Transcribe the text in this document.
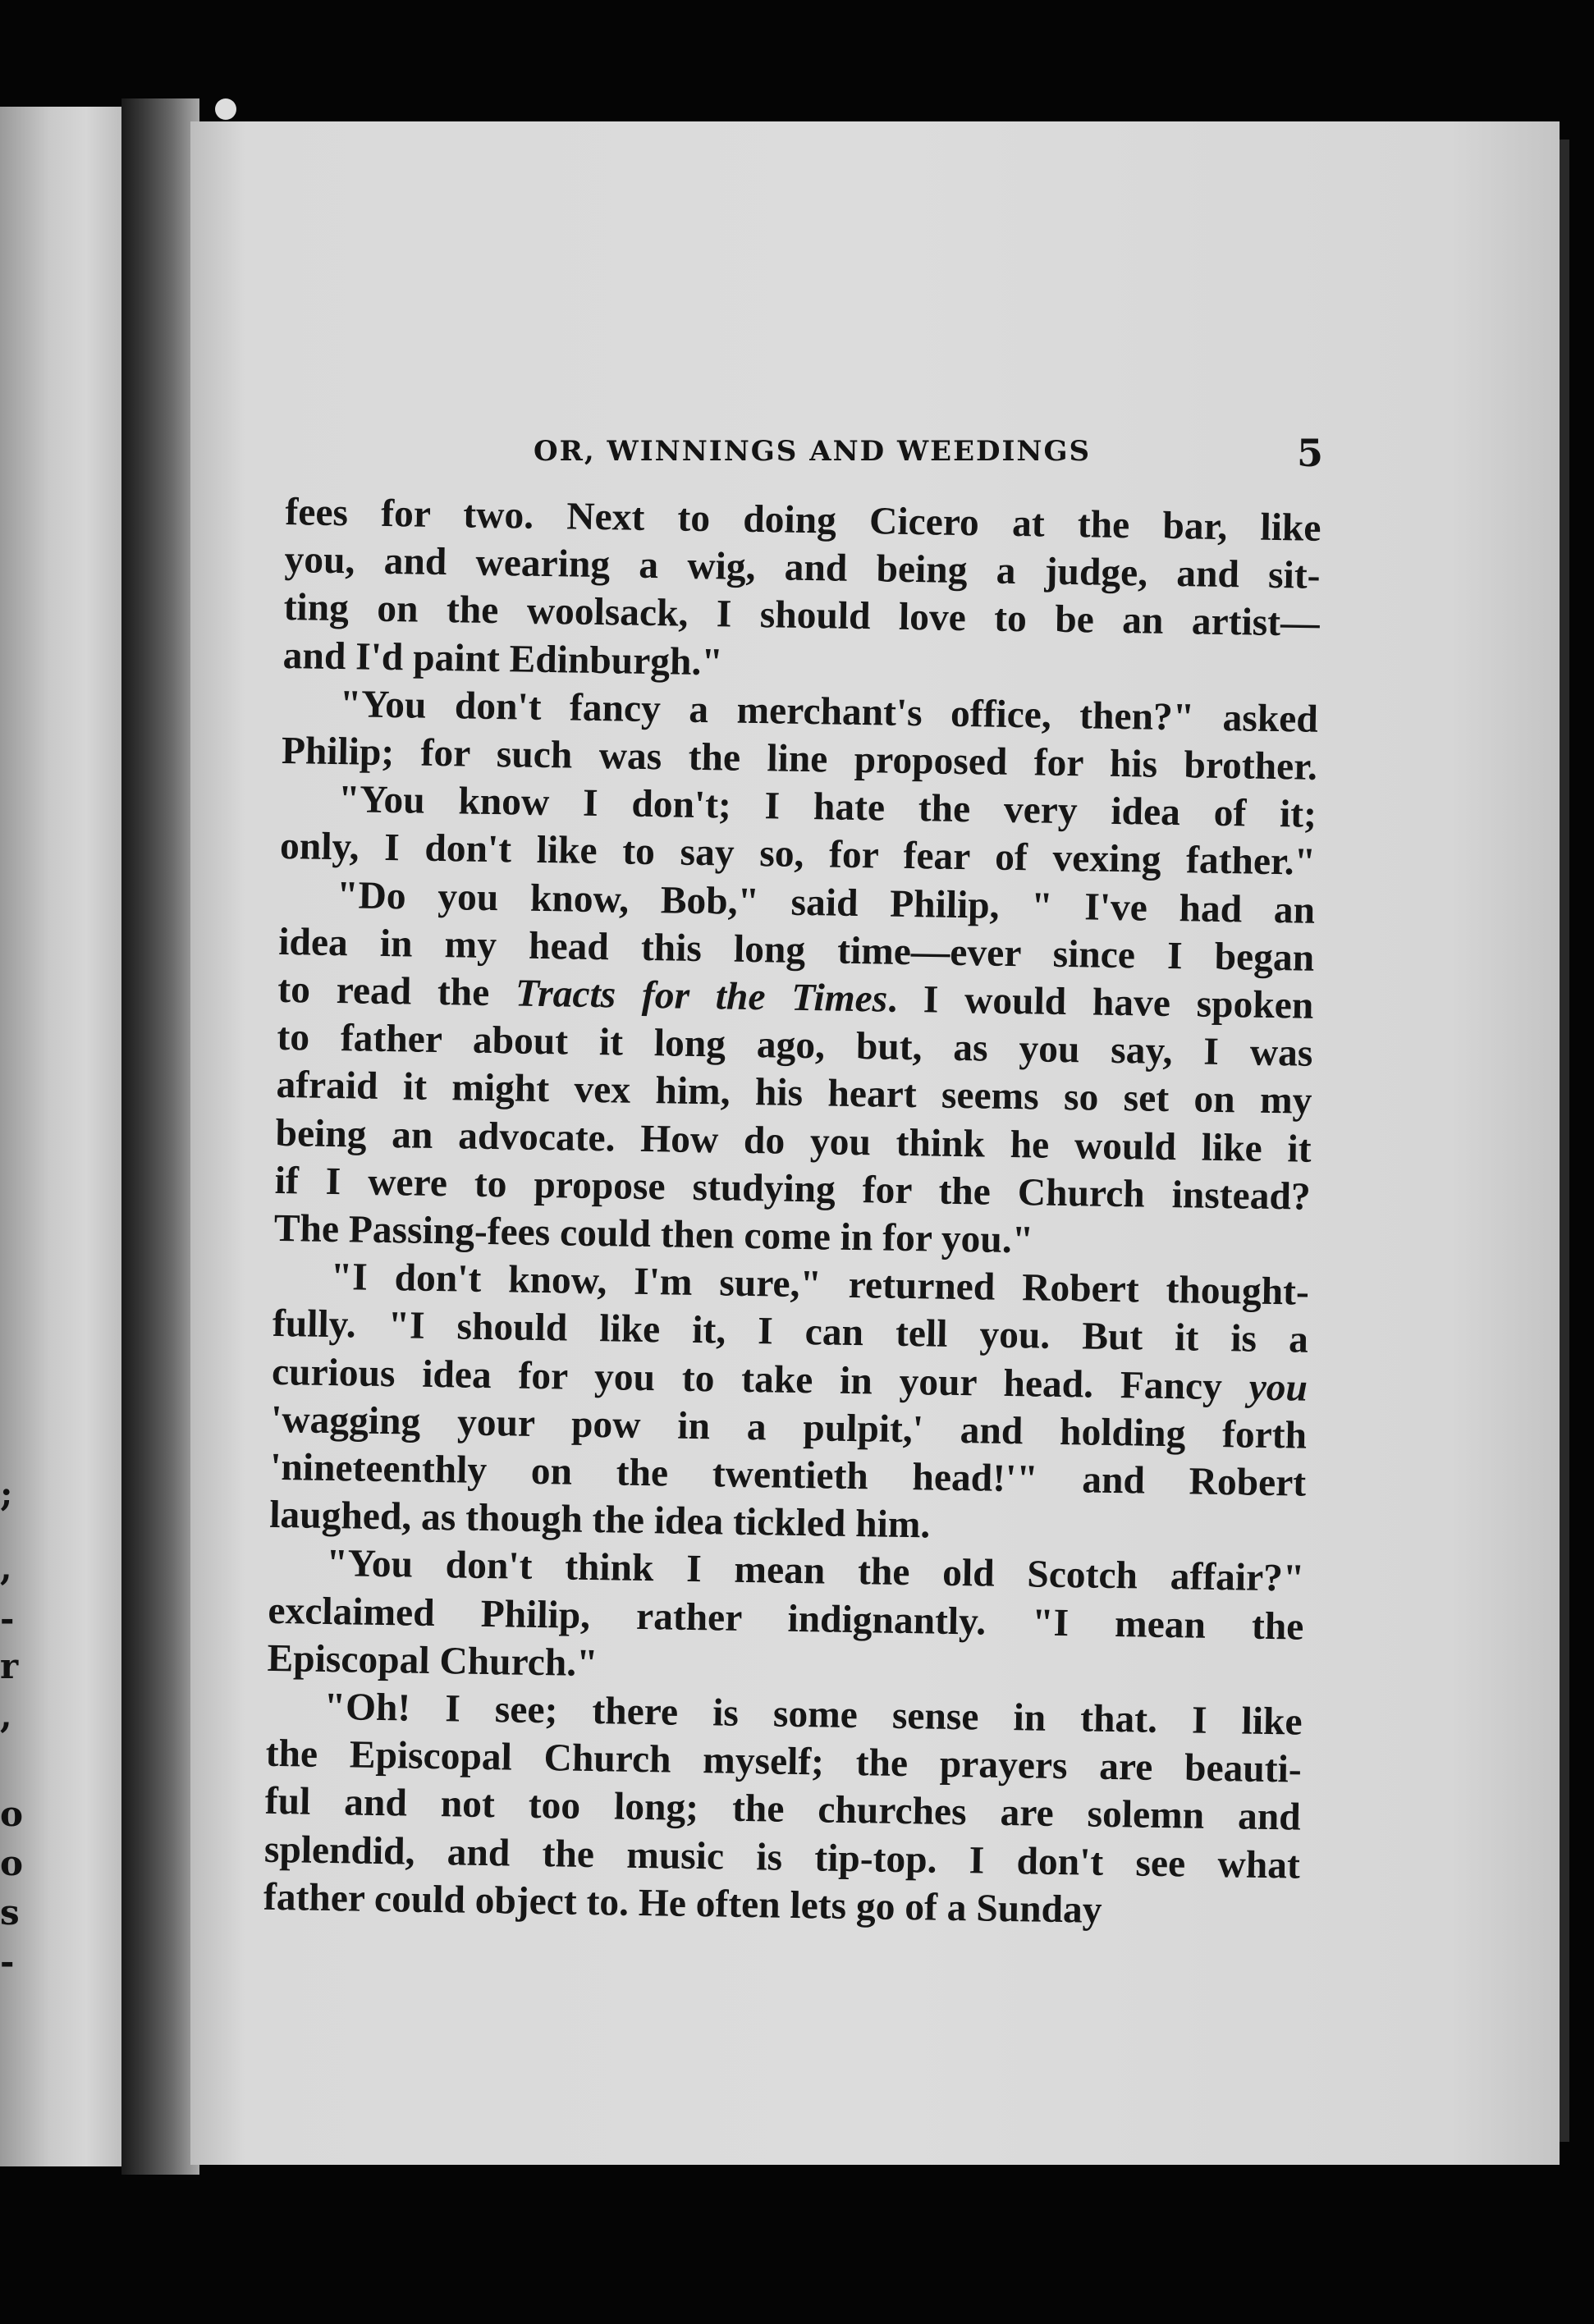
;
,
-
r
,
o
o
s
-
OR, WINNINGS AND WEEDINGS	5
fees for two. Next to doing Cicero at the bar, like
you, and wearing a wig, and being a judge, and sit-
ting on the woolsack, I should love to be an artist—
and I'd paint Edinburgh."
"You don't fancy a merchant's office, then?" asked
Philip; for such was the line proposed for his brother.
"You know I don't; I hate the very idea of it;
only, I don't like to say so, for fear of vexing father."
"Do you know, Bob," said Philip, " I've had an
idea in my head this long time—ever since I began
to read the Tracts for the Times. I would have spoken
to father about it long ago, but, as you say, I was
afraid it might vex him, his heart seems so set on my
being an advocate. How do you think he would like it
if I were to propose studying for the Church instead?
The Passing-fees could then come in for you."
"I don't know, I'm sure," returned Robert thought-
fully. "I should like it, I can tell you. But it is a
curious idea for you to take in your head. Fancy you
'wagging your pow in a pulpit,' and holding forth
'nineteenthly on the twentieth head!'" and Robert
laughed, as though the idea tickled him.
"You don't think I mean the old Scotch affair?"
exclaimed Philip, rather indignantly. "I mean the
Episcopal Church."
"Oh! I see; there is some sense in that. I like
the Episcopal Church myself; the prayers are beauti-
ful and not too long; the churches are solemn and
splendid, and the music is tip-top. I don't see what
father could object to. He often lets go of a Sunday
